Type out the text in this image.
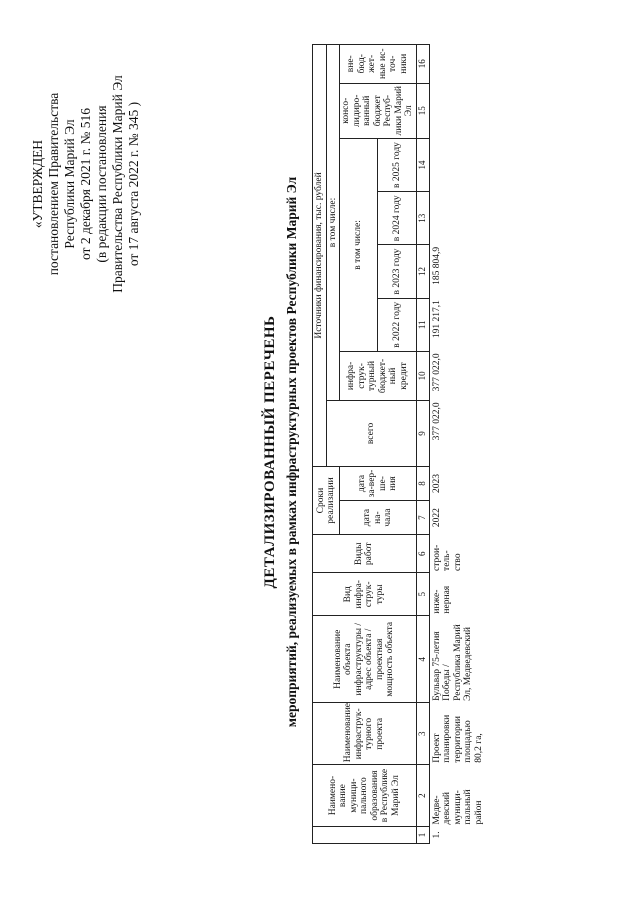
«УТВЕРЖДЕН постановлением Правительства Республики Марий Эл от 2 декабря 2021 г. № 516 (в редакции постановления Правительства Республики Марий Эл от 17 августа 2022 г. № 345 )
ДЕТАЛИЗИРОВАННЫЙ ПЕРЕЧЕНЬ мероприятий, реализуемых в рамках инфраструктурных проектов Республики Марий Эл
	Наимено-вание муници-пального образования в Республике Марий Эл	Наименование инфраструк-турного проекта	Наименование объекта инфраструктуры / адрес объекта / проектная мощность объекта	Вид инфра-струк-туры	Виды работ	Сроки реализации		Источники финансирования, тыс. рублей							
								всего	в том числе:						
						дата на-чала	дата за-вер-ше-ния		инфра-струк-турный бюджет-ный кредит	в том числе:				консо-лидиро-ванный бюджет Респуб-лики Марий Эл	вне-бюд-жет-ные ис-точ-ники
										в 2022 году	в 2023 году	в 2024 году	в 2025 году		
1	2	3	4	5	6	7	8	9	10	11	12	13	14	15	16
1.	Медве-девский муници-пальный район	Проект планировки территории площадью 80,2 га,	Бульвар 75-летия Победы / Республика Марий Эл, Медведевский	инже-нерная	строи-тель-ство	2022	2023	377 022,0	377 022,0	191 217,1	185 804,9				
